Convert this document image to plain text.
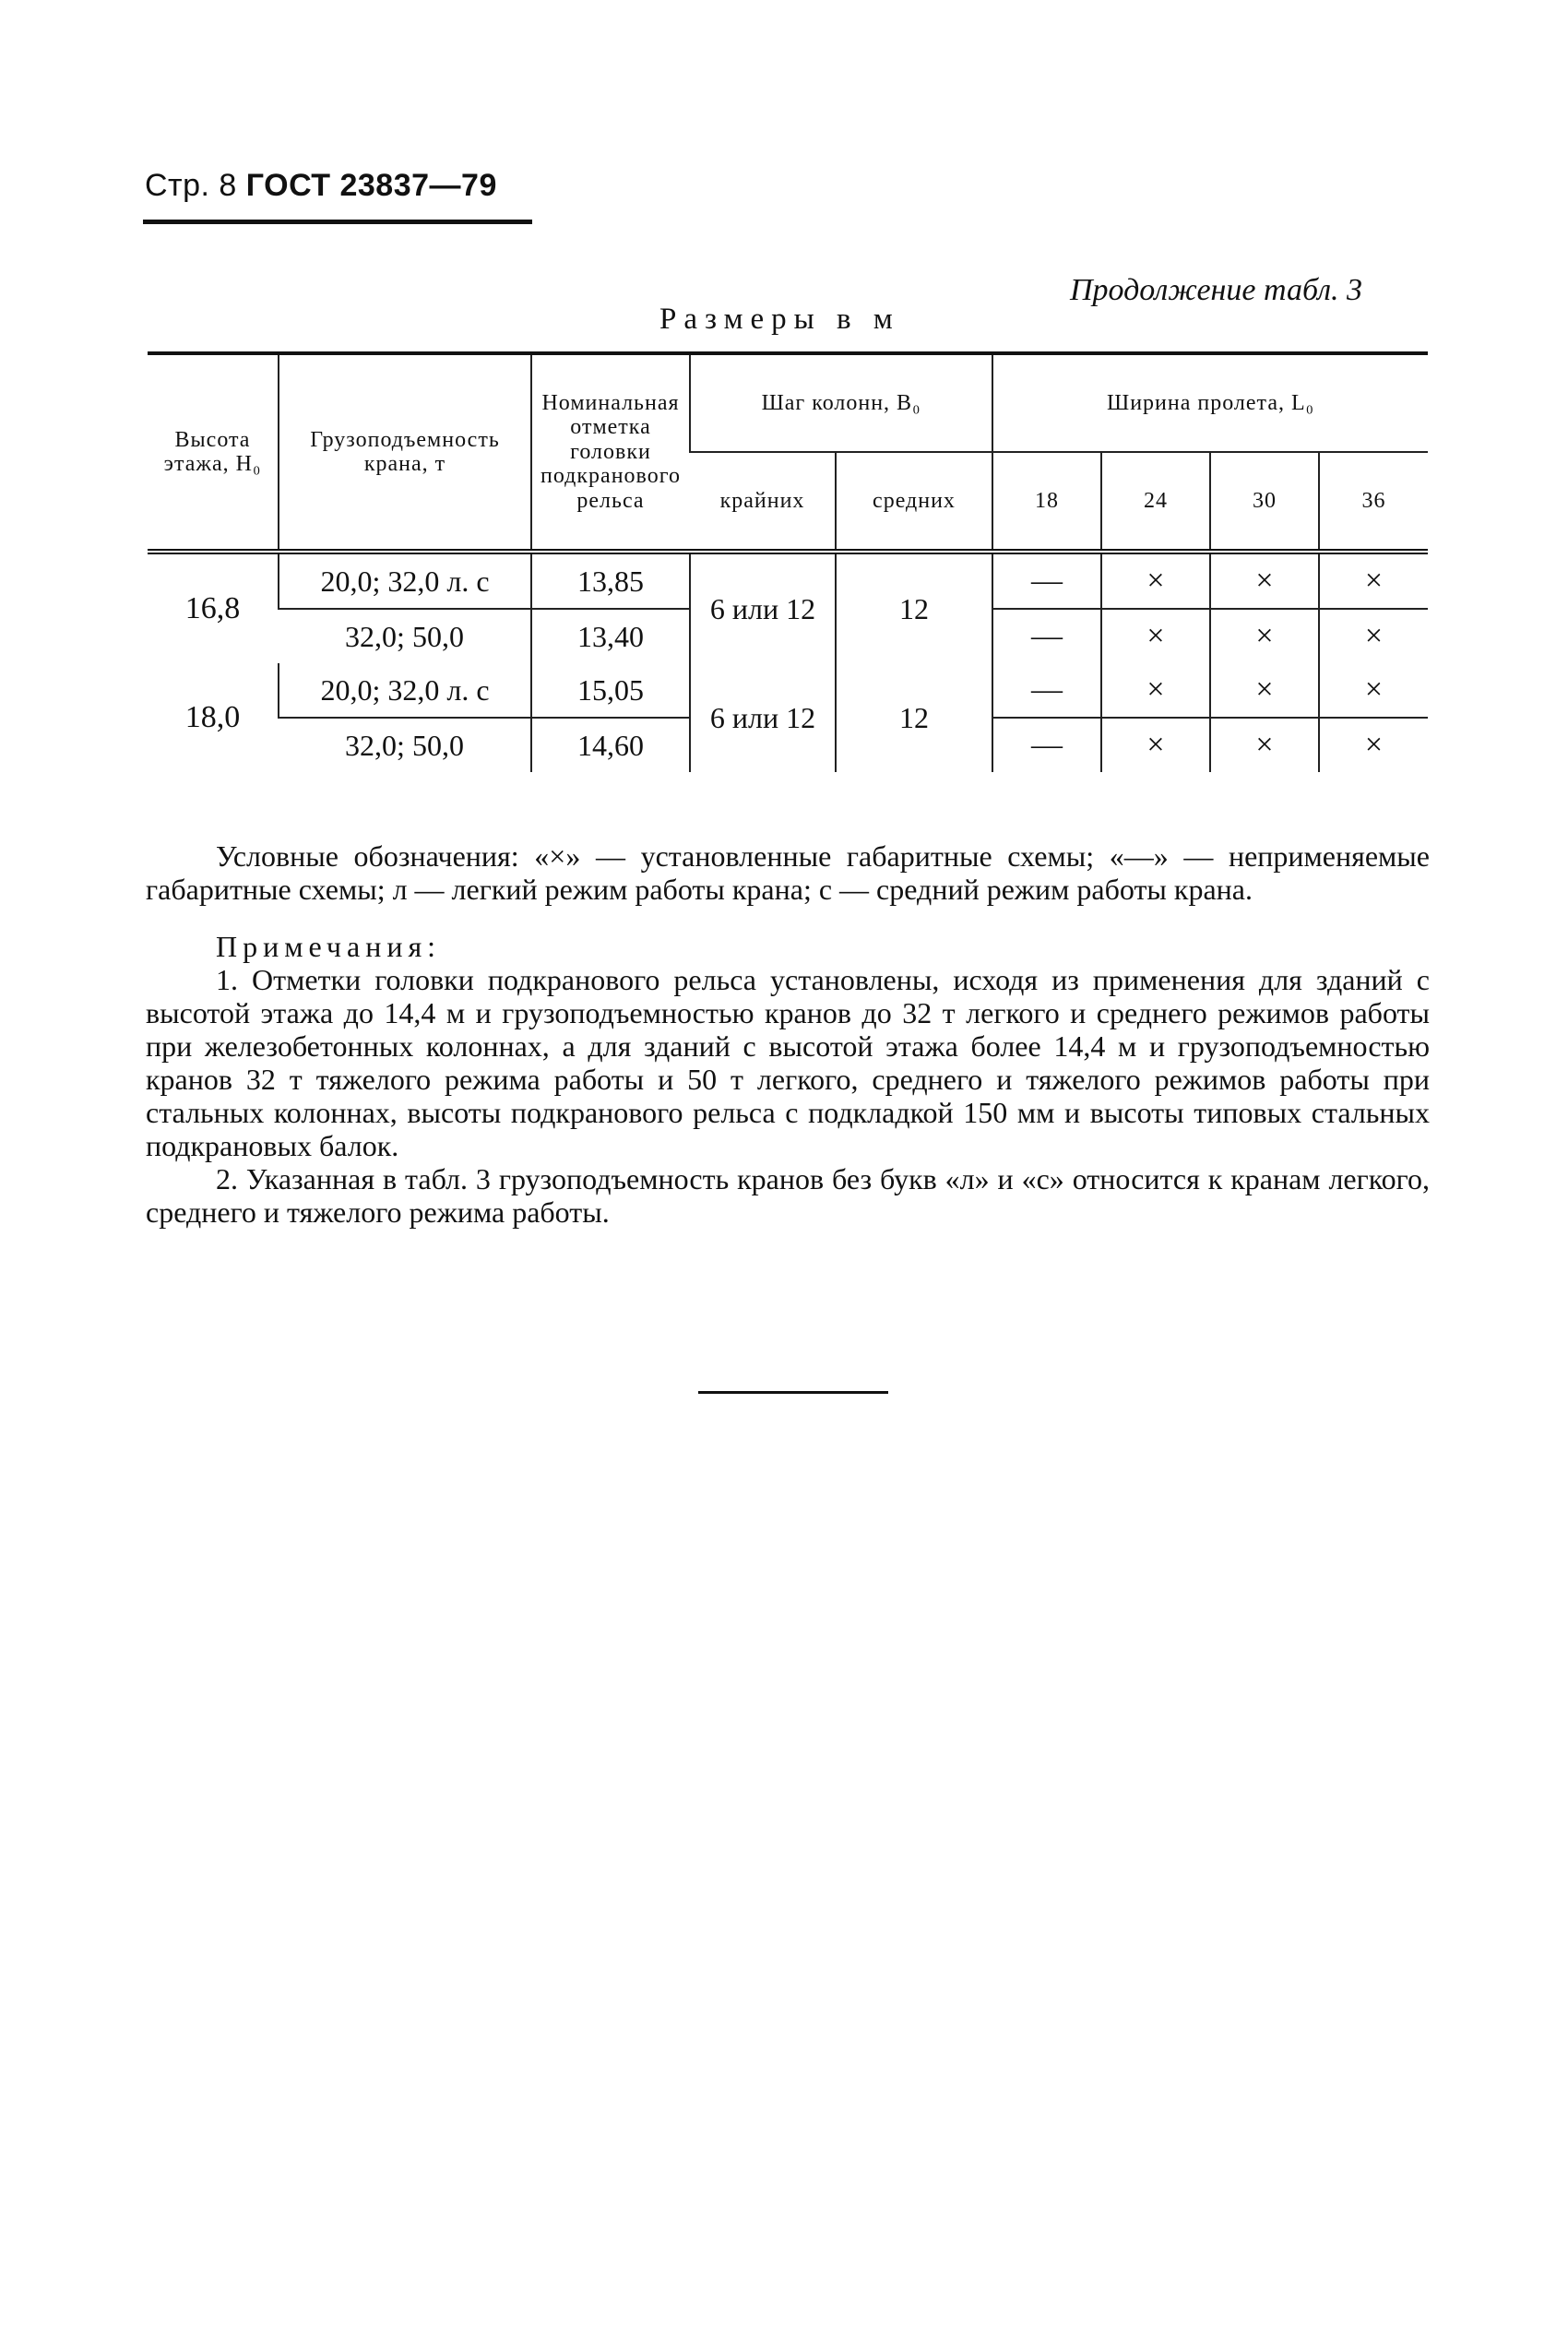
Стр. 8 ГОСТ 23837—79
Продолжение табл. 3
Размеры в м
Высота этажа, H₀	Грузоподъемность крана, т	Номинальная отметка головки подкранового рельса	Шаг колонн, B₀		Ширина пролета, L₀			
			крайних	средних	18	24	30	36
16,8	20,0; 32,0 л. с	13,85	6 или 12	12	—	×	×	×
	32,0; 50,0	13,40			—	×	×	×
18,0	20,0; 32,0 л. с	15,05	6 или 12	12	—	×	×	×
	32,0; 50,0	14,60			—	×	×	×

Условные обозначения: «×» — установленные габаритные схемы; «—» — неприменяемые габаритные схемы; л — легкий режим работы крана; с — средний режим работы крана.

Примечания:

1. Отметки головки подкранового рельса установлены, исходя из применения для зданий с высотой этажа до 14,4 м и грузоподъемностью кранов до 32 т легкого и среднего режимов работы при железобетонных колоннах, а для зданий с высотой этажа более 14,4 м и грузоподъемностью кранов 32 т тяжелого режима работы и 50 т легкого, среднего и тяжелого режимов работы при стальных колоннах, высоты подкранового рельса с подкладкой 150 мм и высоты типовых стальных подкрановых балок.

2. Указанная в табл. 3 грузоподъемность кранов без букв «л» и «с» относится к кранам легкого, среднего и тяжелого режима работы.
